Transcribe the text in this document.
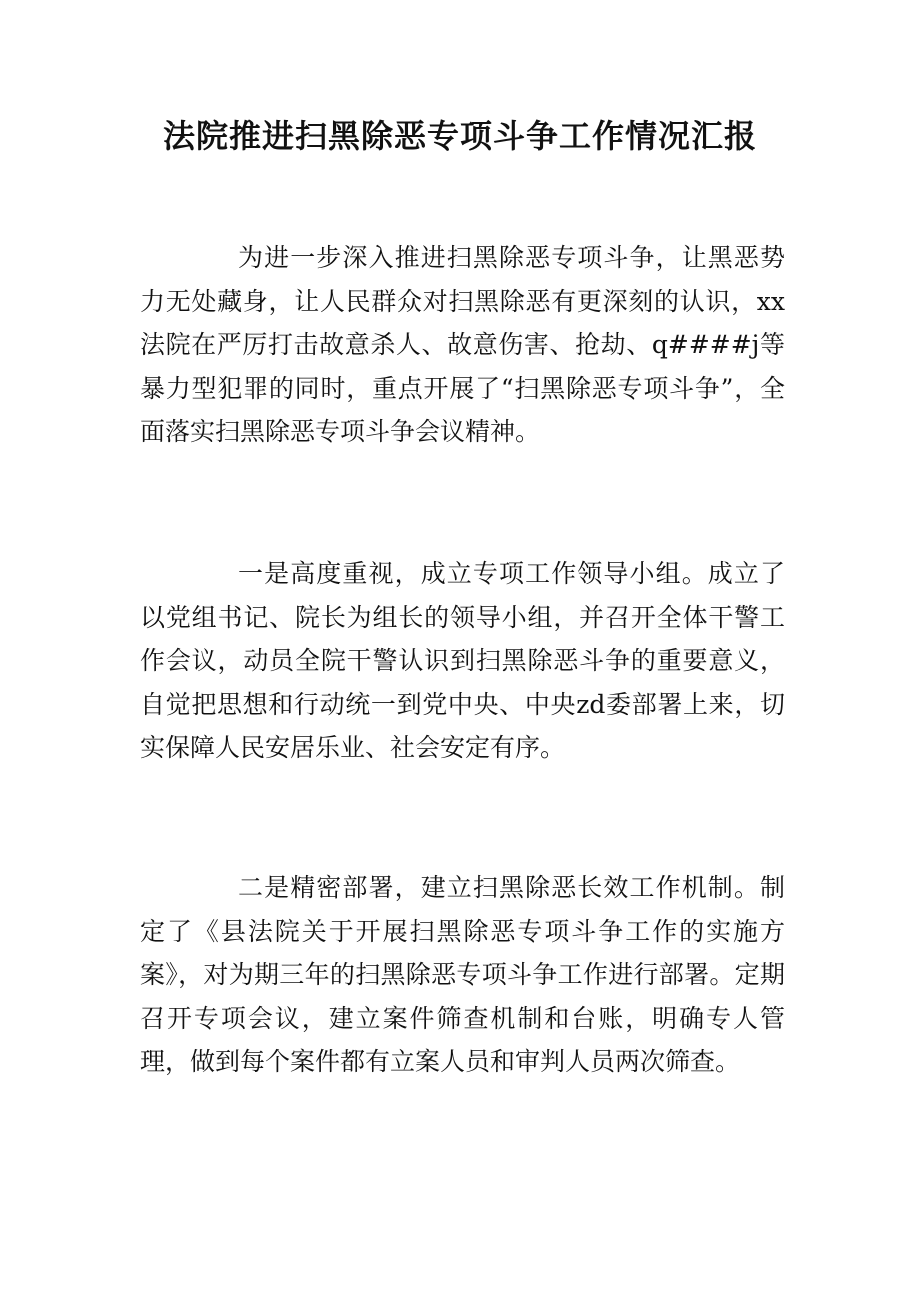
法院推进扫黑除恶专项斗争工作情况汇报

为进一步深入推进扫黑除恶专项斗争，让黑恶势力无处藏身，让人民群众对扫黑除恶有更深刻的认识，xx法院在严厉打击故意杀人、故意伤害、抢劫、q####j等暴力型犯罪的同时，重点开展了“扫黑除恶专项斗争”，全面落实扫黑除恶专项斗争会议精神。

一是高度重视，成立专项工作领导小组。成立了以党组书记、院长为组长的领导小组，并召开全体干警工作会议，动员全院干警认识到扫黑除恶斗争的重要意义，自觉把思想和行动统一到党中央、中央zd委部署上来，切实保障人民安居乐业、社会安定有序。

二是精密部署，建立扫黑除恶长效工作机制。制定了《县法院关于开展扫黑除恶专项斗争工作的实施方案》，对为期三年的扫黑除恶专项斗争工作进行部署。定期召开专项会议，建立案件筛查机制和台账，明确专人管理，做到每个案件都有立案人员和审判人员两次筛查。
